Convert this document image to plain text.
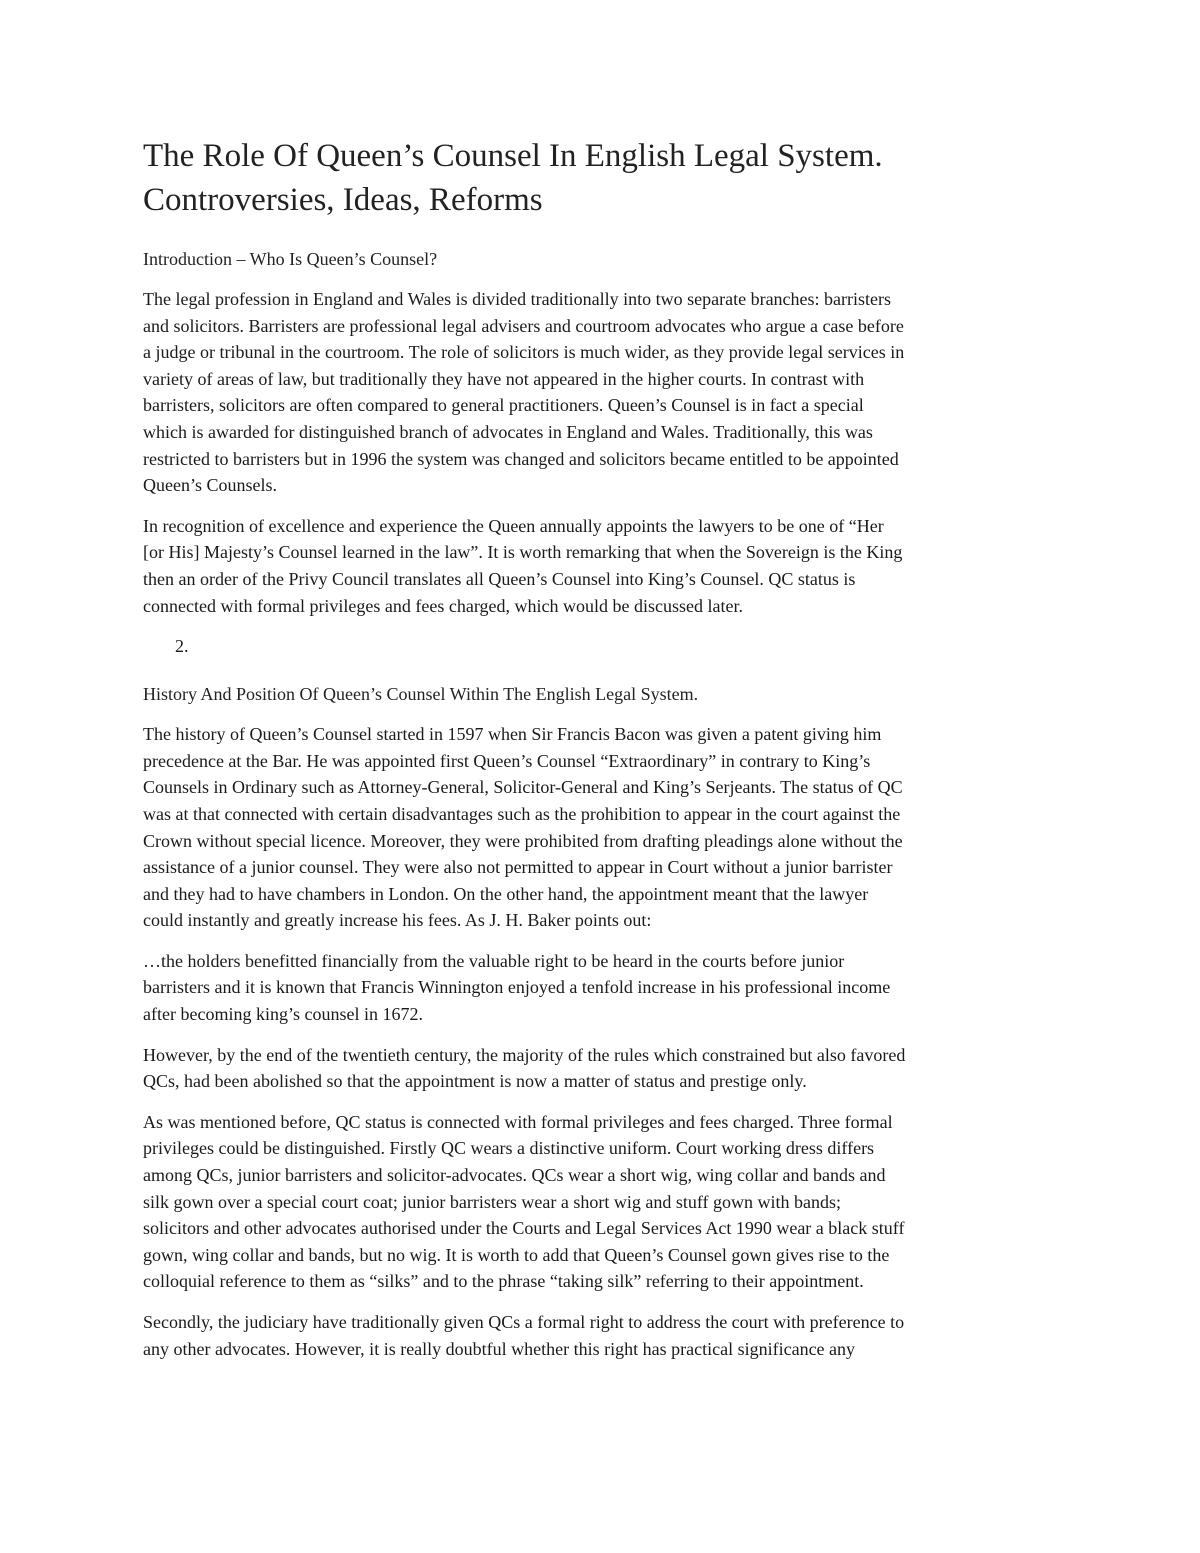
The Role Of Queen’s Counsel In English Legal System.
Controversies, Ideas, Reforms
Introduction – Who Is Queen’s Counsel?
The legal profession in England and Wales is divided traditionally into two separate branches: barristers
and solicitors. Barristers are professional legal advisers and courtroom advocates who argue a case before
a judge or tribunal in the courtroom. The role of solicitors is much wider, as they provide legal services in
variety of areas of law, but traditionally they have not appeared in the higher courts. In contrast with
barristers, solicitors are often compared to general practitioners. Queen’s Counsel is in fact a special
which is awarded for distinguished branch of advocates in England and Wales. Traditionally, this was
restricted to barristers but in 1996 the system was changed and solicitors became entitled to be appointed
Queen’s Counsels.
In recognition of excellence and experience the Queen annually appoints the lawyers to be one of “Her
[or His] Majesty’s Counsel learned in the law”. It is worth remarking that when the Sovereign is the King
then an order of the Privy Council translates all Queen’s Counsel into King’s Counsel. QC status is
connected with formal privileges and fees charged, which would be discussed later.
2.
History And Position Of Queen’s Counsel Within The English Legal System.
The history of Queen’s Counsel started in 1597 when Sir Francis Bacon was given a patent giving him
precedence at the Bar. He was appointed first Queen’s Counsel “Extraordinary” in contrary to King’s
Counsels in Ordinary such as Attorney-General, Solicitor-General and King’s Serjeants. The status of QC
was at that connected with certain disadvantages such as the prohibition to appear in the court against the
Crown without special licence. Moreover, they were prohibited from drafting pleadings alone without the
assistance of a junior counsel. They were also not permitted to appear in Court without a junior barrister
and they had to have chambers in London. On the other hand, the appointment meant that the lawyer
could instantly and greatly increase his fees. As J. H. Baker points out:
…the holders benefitted financially from the valuable right to be heard in the courts before junior
barristers and it is known that Francis Winnington enjoyed a tenfold increase in his professional income
after becoming king’s counsel in 1672.
However, by the end of the twentieth century, the majority of the rules which constrained but also favored
QCs, had been abolished so that the appointment is now a matter of status and prestige only.
As was mentioned before, QC status is connected with formal privileges and fees charged. Three formal
privileges could be distinguished. Firstly QC wears a distinctive uniform. Court working dress differs
among QCs, junior barristers and solicitor-advocates. QCs wear a short wig, wing collar and bands and
silk gown over a special court coat; junior barristers wear a short wig and stuff gown with bands;
solicitors and other advocates authorised under the Courts and Legal Services Act 1990 wear a black stuff
gown, wing collar and bands, but no wig. It is worth to add that Queen’s Counsel gown gives rise to the
colloquial reference to them as “silks” and to the phrase “taking silk” referring to their appointment.
Secondly, the judiciary have traditionally given QCs a formal right to address the court with preference to
any other advocates. However, it is really doubtful whether this right has practical significance any
